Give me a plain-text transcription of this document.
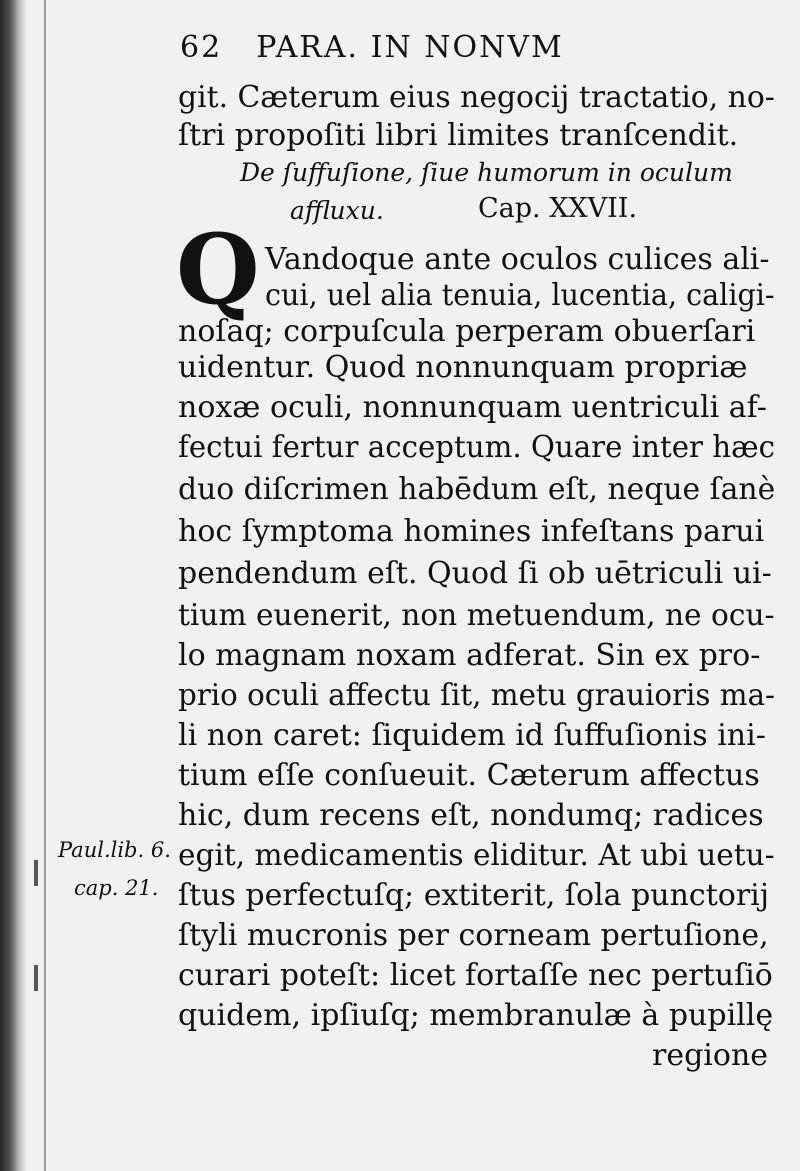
62 PARA. IN NONVM
git. Cæterum eius negocij tractatio, no-
ſtri propoſiti libri limites tranſcendit.
De ſuffuſione, ſiue humorum in oculum
affluxu.	Cap. XXVII.
Q Vandoque ante oculos culices ali-
cui, uel alia tenuia, lucentia, caligi-
noſaq; corpuſcula perperam obuerſari
uidentur. Quod nonnunquam propriæ
noxæ oculi, nonnunquam uentriculi af-
fectui fertur acceptum. Quare inter hæc
duo diſcrimen habēdum eſt, neque ſanè
hoc ſymptoma homines infeſtans parui
pendendum eſt. Quod ſi ob uētriculi ui-
tium euenerit, non metuendum, ne ocu-
lo magnam noxam adferat. Sin ex pro-
prio oculi affectu ſit, metu grauioris ma-
li non caret: ſiquidem id ſuffuſionis ini-
tium eſſe conſueuit. Cæterum affectus
hic, dum recens eſt, nondumq; radices
egit, medicamentis eliditur. At ubi uetu-
ſtus perfectuſq; extiterit, ſola punctorij
ſtyli mucronis per corneam pertuſione,
curari poteſt: licet fortaſſe nec pertuſiō
quidem, ipſiuſq; membranulæ à pupillę
regione
Paul.lib. 6.
cap. 21.
